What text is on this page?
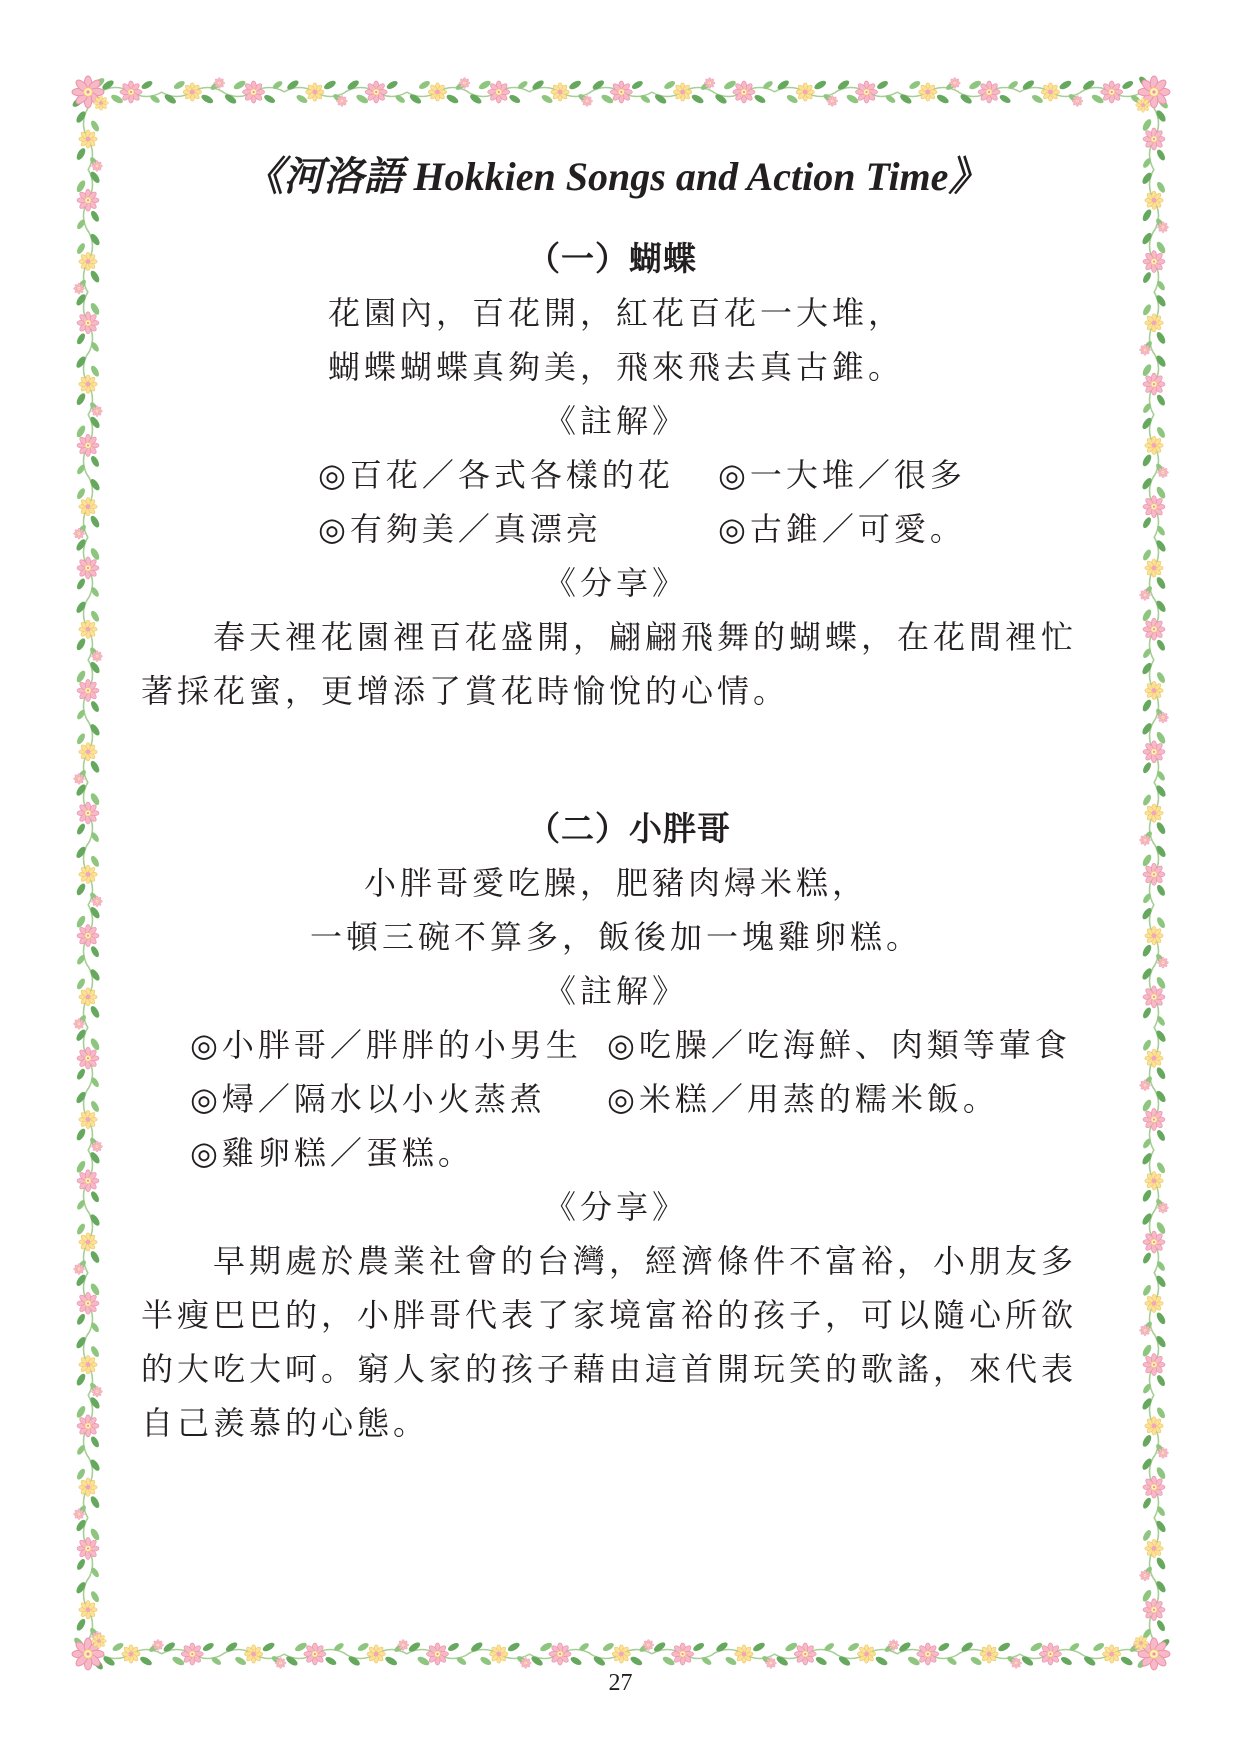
《河洛語 Hokkien Songs and Action Time》
（一）蝴蝶
花園內，百花開，紅花百花一大堆，
蝴蝶蝴蝶真夠美，飛來飛去真古錐。
《註解》
◎百花／各式各樣的花 ◎一大堆／很多
◎有夠美／真漂亮	◎古錐／可愛。
《分享》
春天裡花園裡百花盛開，翩翩飛舞的蝴蝶，在花間裡忙
著採花蜜，更增添了賞花時愉悅的心情。
（二）小胖哥
小胖哥愛吃臊，肥豬肉燖米糕，
一頓三碗不算多，飯後加一塊雞卵糕。
《註解》
◎小胖哥／胖胖的小男生 ◎吃臊／吃海鮮、肉類等葷食
◎燖／隔水以小火蒸煮 ◎米糕／用蒸的糯米飯。
◎雞卵糕／蛋糕。
《分享》
早期處於農業社會的台灣，經濟條件不富裕，小朋友多
半瘦巴巴的，小胖哥代表了家境富裕的孩子，可以隨心所欲
的大吃大呵。窮人家的孩子藉由這首開玩笑的歌謠，來代表
自己羨慕的心態。
27
